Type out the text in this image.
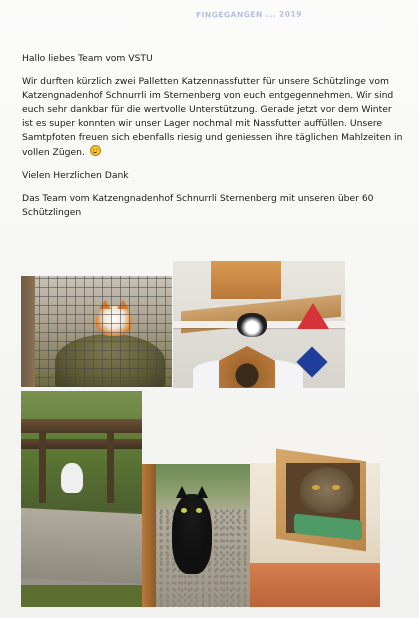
FINGEGANGEN ... 2019

Hallo liebes Team vom VSTU

Wir durften kürzlich zwei Palletten Katzennassfutter für unsere Schützlinge vom Katzengnadenhof Schnurrli im Sternenberg von euch entgegennehmen. Wir sind euch sehr dankbar für die wertvolle Unterstützung. Gerade jetzt vor dem Winter ist es super konnten wir unser Lager nochmal mit Nassfutter auffüllen. Unsere Samtpfoten freuen sich ebenfalls riesig und geniessen ihre täglichen Mahlzeiten in vollen Zügen.

Vielen Herzlichen Dank

Das Team vom Katzengnadenhof Schnurrli Sternenberg mit unseren über 60 Schützlingen
